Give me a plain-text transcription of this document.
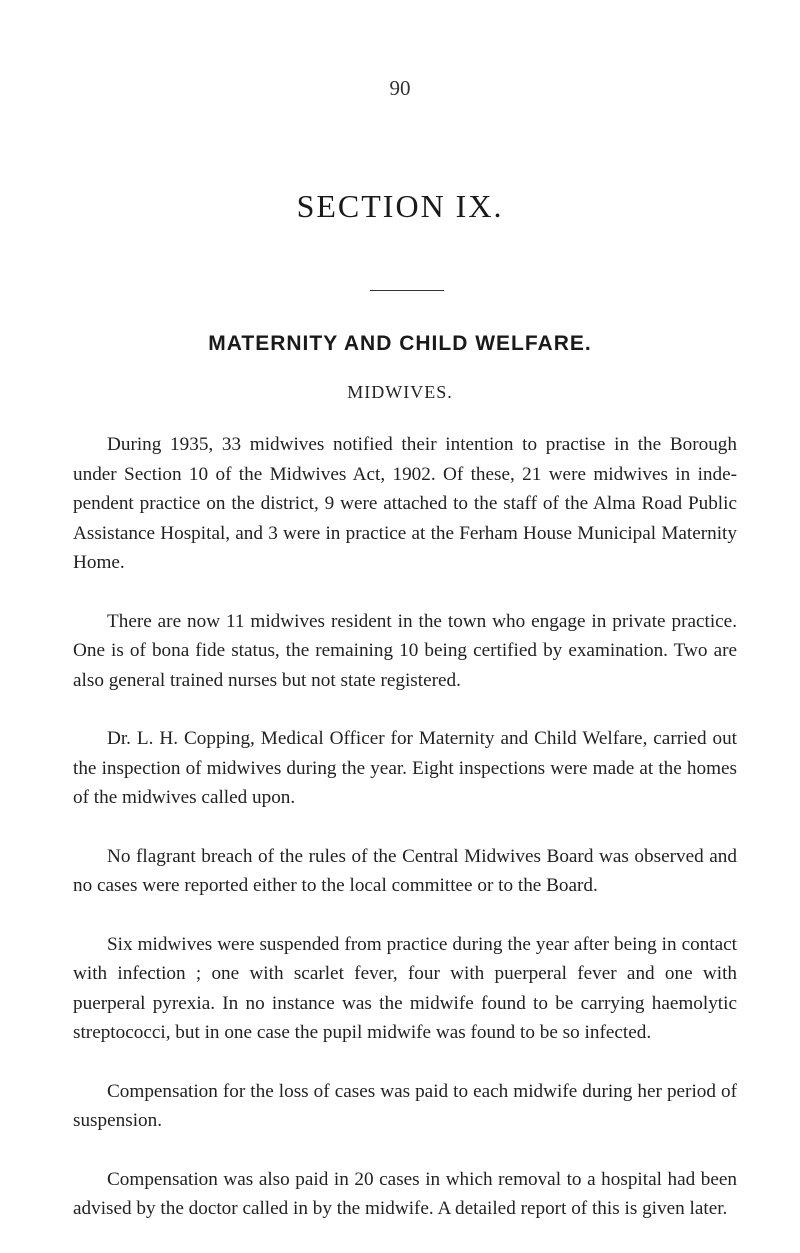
90
SECTION IX.
MATERNITY AND CHILD WELFARE.
MIDWIVES.

During 1935, 33 midwives notified their intention to practise in the Borough under Section 10 of the Midwives Act, 1902. Of these, 21 were midwives in independent practice on the district, 9 were attached to the staff of the Alma Road Public Assistance Hospital, and 3 were in practice at the Ferham House Municipal Maternity Home.

There are now 11 midwives resident in the town who engage in private practice. One is of bona fide status, the remaining 10 being certified by examination. Two are also general trained nurses but not state registered.

Dr. L. H. Copping, Medical Officer for Maternity and Child Welfare, carried out the inspection of midwives during the year. Eight inspections were made at the homes of the midwives called upon.

No flagrant breach of the rules of the Central Midwives Board was observed and no cases were reported either to the local committee or to the Board.

Six midwives were suspended from practice during the year after being in contact with infection ; one with scarlet fever, four with puerperal fever and one with puerperal pyrexia. In no instance was the midwife found to be carrying haemolytic streptococci, but in one case the pupil midwife was found to be so infected.

Compensation for the loss of cases was paid to each midwife during her period of suspension.

Compensation was also paid in 20 cases in which removal to a hospital had been advised by the doctor called in by the midwife. A detailed report of this is given later.
